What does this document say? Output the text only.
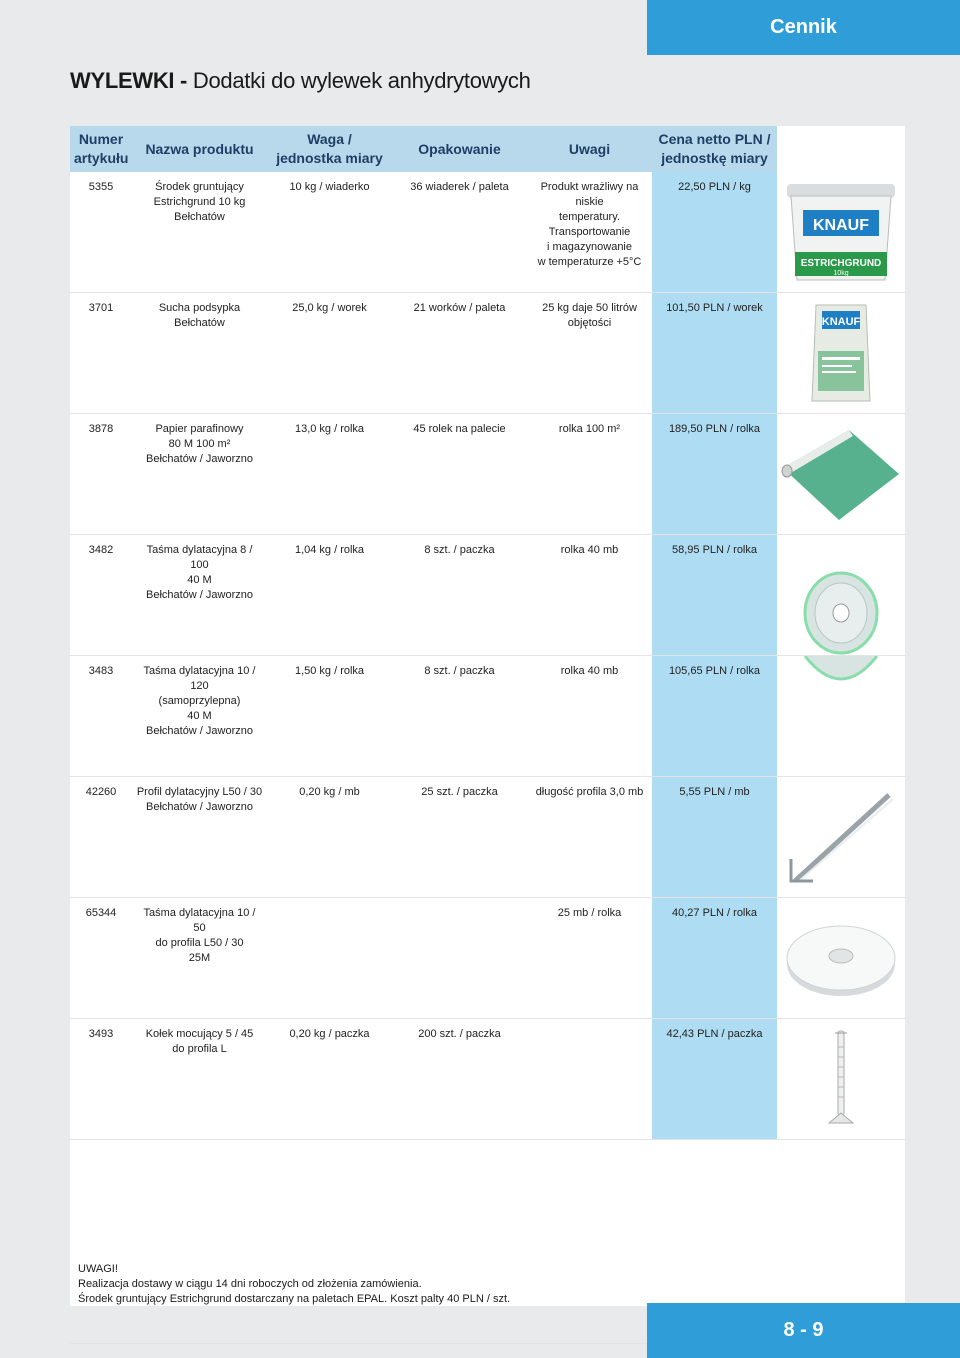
Cennik
WYLEWKI - Dodatki do wylewek anhydrytowych
Numer
artykułu	Nazwa produktu	Waga /
jednostka miary	Opakowanie	Uwagi	Cena netto PLN /
jednostkę miary	
5355	Środek gruntujący
Estrichgrund 10 kg
Bełchatów	10 kg / wiaderko	36 wiaderek / paleta	Produkt wrażliwy na niskie
temperatury. Transportowanie
i magazynowanie
w temperaturze +5°C	22,50 PLN / kg	KNAUF
ESTRICHGRUND
10kg

3701	Sucha podsypka
Bełchatów	25,0 kg / worek	21 worków / paleta	25 kg daje 50 litrów objętości	101,50 PLN / worek	KNAUF

3878	Papier parafinowy
80 M 100 m²
Bełchatów / Jaworzno	13,0 kg / rolka	45 rolek na palecie	rolka 100 m²	189,50 PLN / rolka	

3482	Taśma dylatacyjna 8 / 100
40 M
Bełchatów / Jaworzno	1,04 kg / rolka	8 szt. / paczka	rolka 40 mb	58,95 PLN / rolka	

3483	Taśma dylatacyjna 10 / 120
(samoprzylepna)
40 M
Bełchatów / Jaworzno	1,50 kg / rolka	8 szt. / paczka	rolka 40 mb	105,65 PLN / rolka	

42260	Profil dylatacyjny L50 / 30
Bełchatów / Jaworzno	0,20 kg / mb	25 szt. / paczka	długość profila 3,0 mb	5,55 PLN / mb	

65344	Taśma dylatacyjna 10 / 50
do profila L50 / 30
25M			25 mb / rolka	40,27 PLN / rolka	

3493	Kołek mocujący 5 / 45
do profila L	0,20 kg / paczka	200 szt. / paczka		42,43 PLN / paczka	

UWAGI!
Realizacja dostawy w ciągu 14 dni roboczych od złożenia zamówienia.
Środek gruntujący Estrichgrund dostarczany na paletach EPAL. Koszt palty 40 PLN / szt.
8 - 9
